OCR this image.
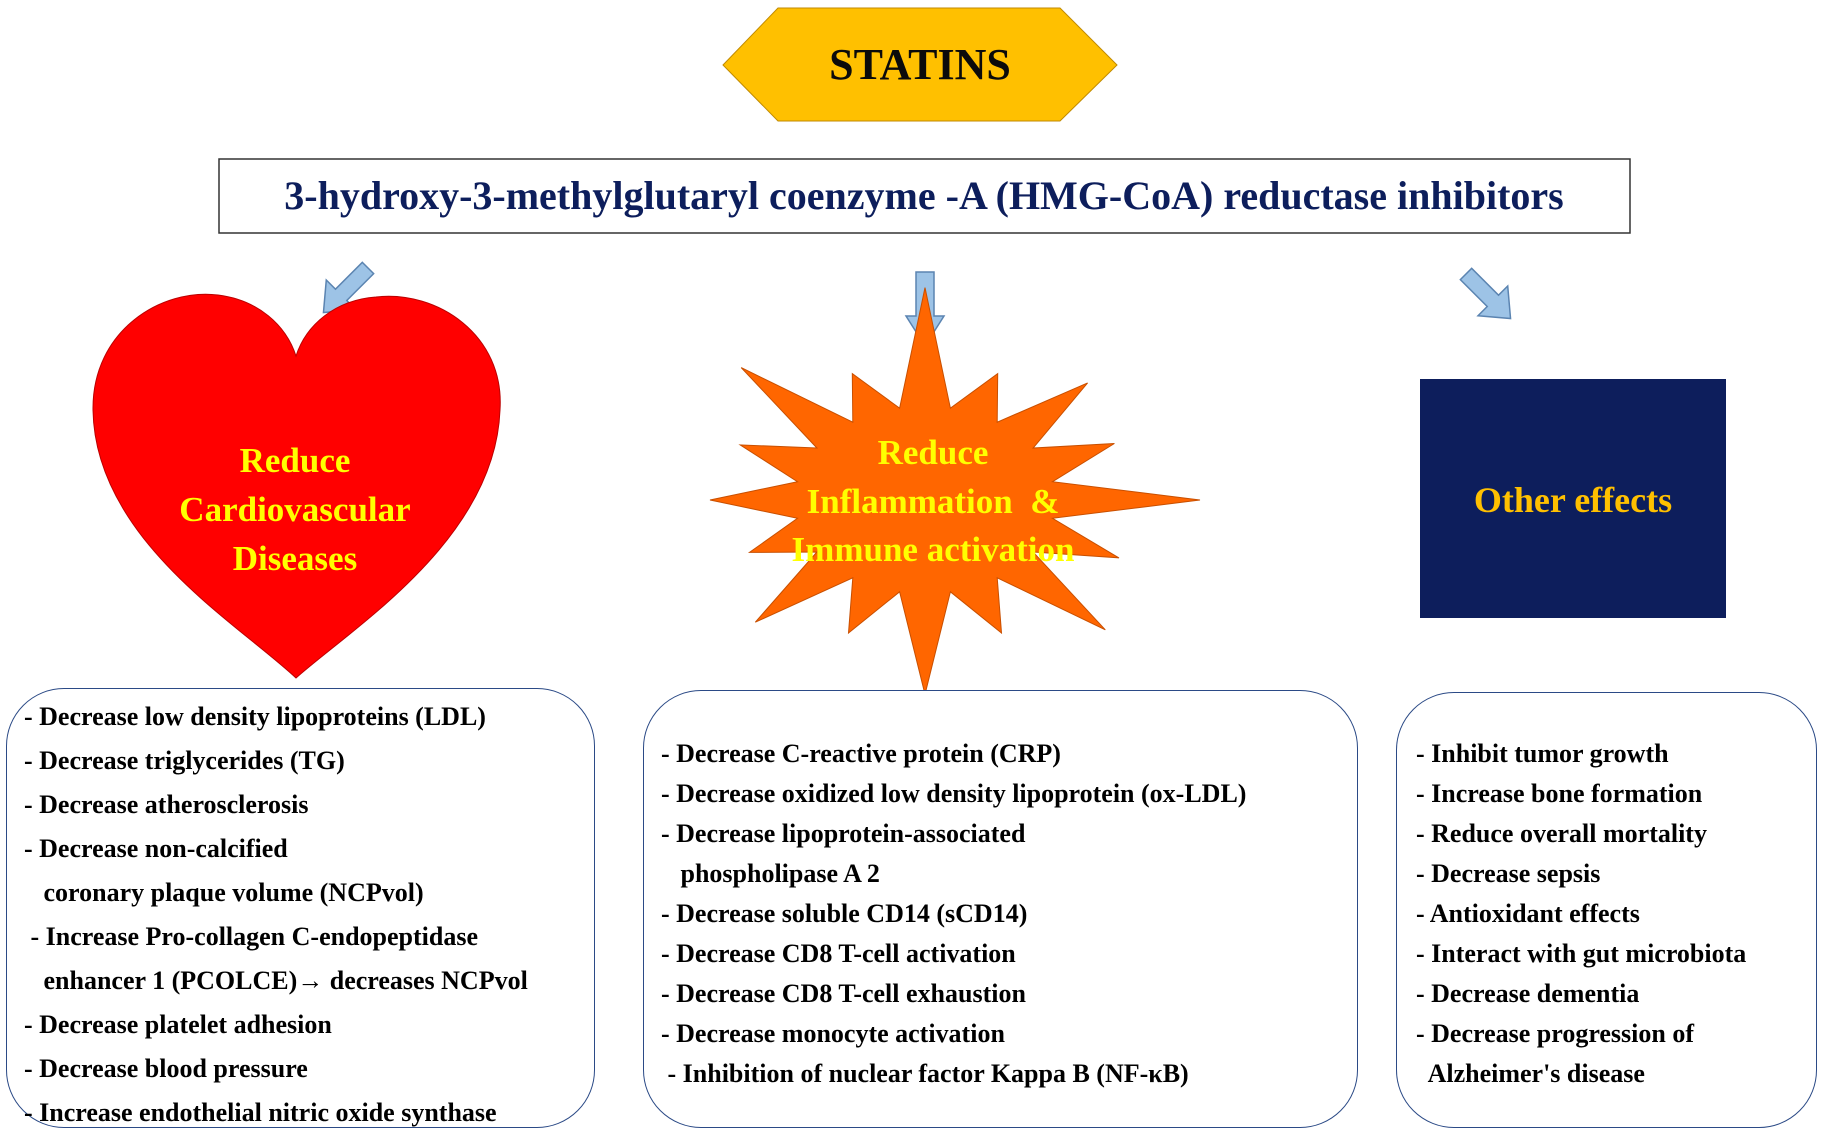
STATINS
3-hydroxy-3-methylglutaryl coenzyme -A (HMG-CoA) reductase inhibitors
Reduce
Cardiovascular
Diseases
Reduce
Inflammation  &
Immune activation
Other effects
- Decrease low density lipoproteins (LDL)
- Decrease triglycerides (TG)
- Decrease atherosclerosis
- Decrease non-calcified
coronary plaque volume (NCPvol)
- Increase Pro-collagen C-endopeptidase
enhancer 1 (PCOLCE)→ decreases NCPvol
- Decrease platelet adhesion
- Decrease blood pressure
- Increase endothelial nitric oxide synthase
- Decrease C-reactive protein (CRP)
- Decrease oxidized low density lipoprotein (ox-LDL)
- Decrease lipoprotein-associated
phospholipase A 2
- Decrease soluble CD14 (sCD14)
- Decrease CD8 T-cell activation
- Decrease CD8 T-cell exhaustion
- Decrease monocyte activation
- Inhibition of nuclear factor Kappa B (NF-κB)
- Inhibit tumor growth
- Increase bone formation
- Reduce overall mortality
- Decrease sepsis
- Antioxidant effects
- Interact with gut microbiota
- Decrease dementia
- Decrease progression of
Alzheimer's disease
